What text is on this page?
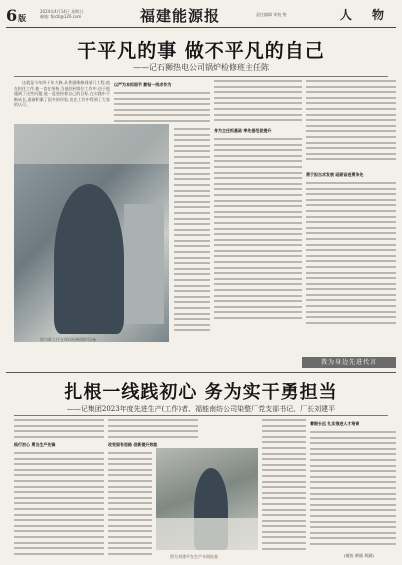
6版
2024年4月14日 星期日
邮箱: fjsdz@126.com	福建能源报	责任编辑 审校 签	人 物
干平凡的事 做不平凡的自己
——记石狮热电公司锅炉检修班主任陈

这就是今年四十年大修,从普通维修到部门工程,他在担任工作,他一直在坚持,当他回到岗位工作中,由于他遇到了这些问题,他一直坚持着自己的目标,在实践中不断成长,逐渐积累了很多的经验,也在工作中得到了大家的认可。

图为陈主任在现场检修锅炉设备
以严为本抓细节 勤钻一线求作为
身为主任抓基础 率先垂范促提升
勇于担当求发展 砥砺奋进勇争先
我为身边先进代言
扎根一线践初心 务为实干勇担当
——记集团2023年度先进生产(工作)者、福能南纺公司染整厂党支部书记、厂长刘建平
践行初心 勇当生产先锋	改变固有思路 创新提升效能
图为刘建平在生产车间检查
着眼长远 扎实推进人才培育
(南纺 黄丽 刘斌)
